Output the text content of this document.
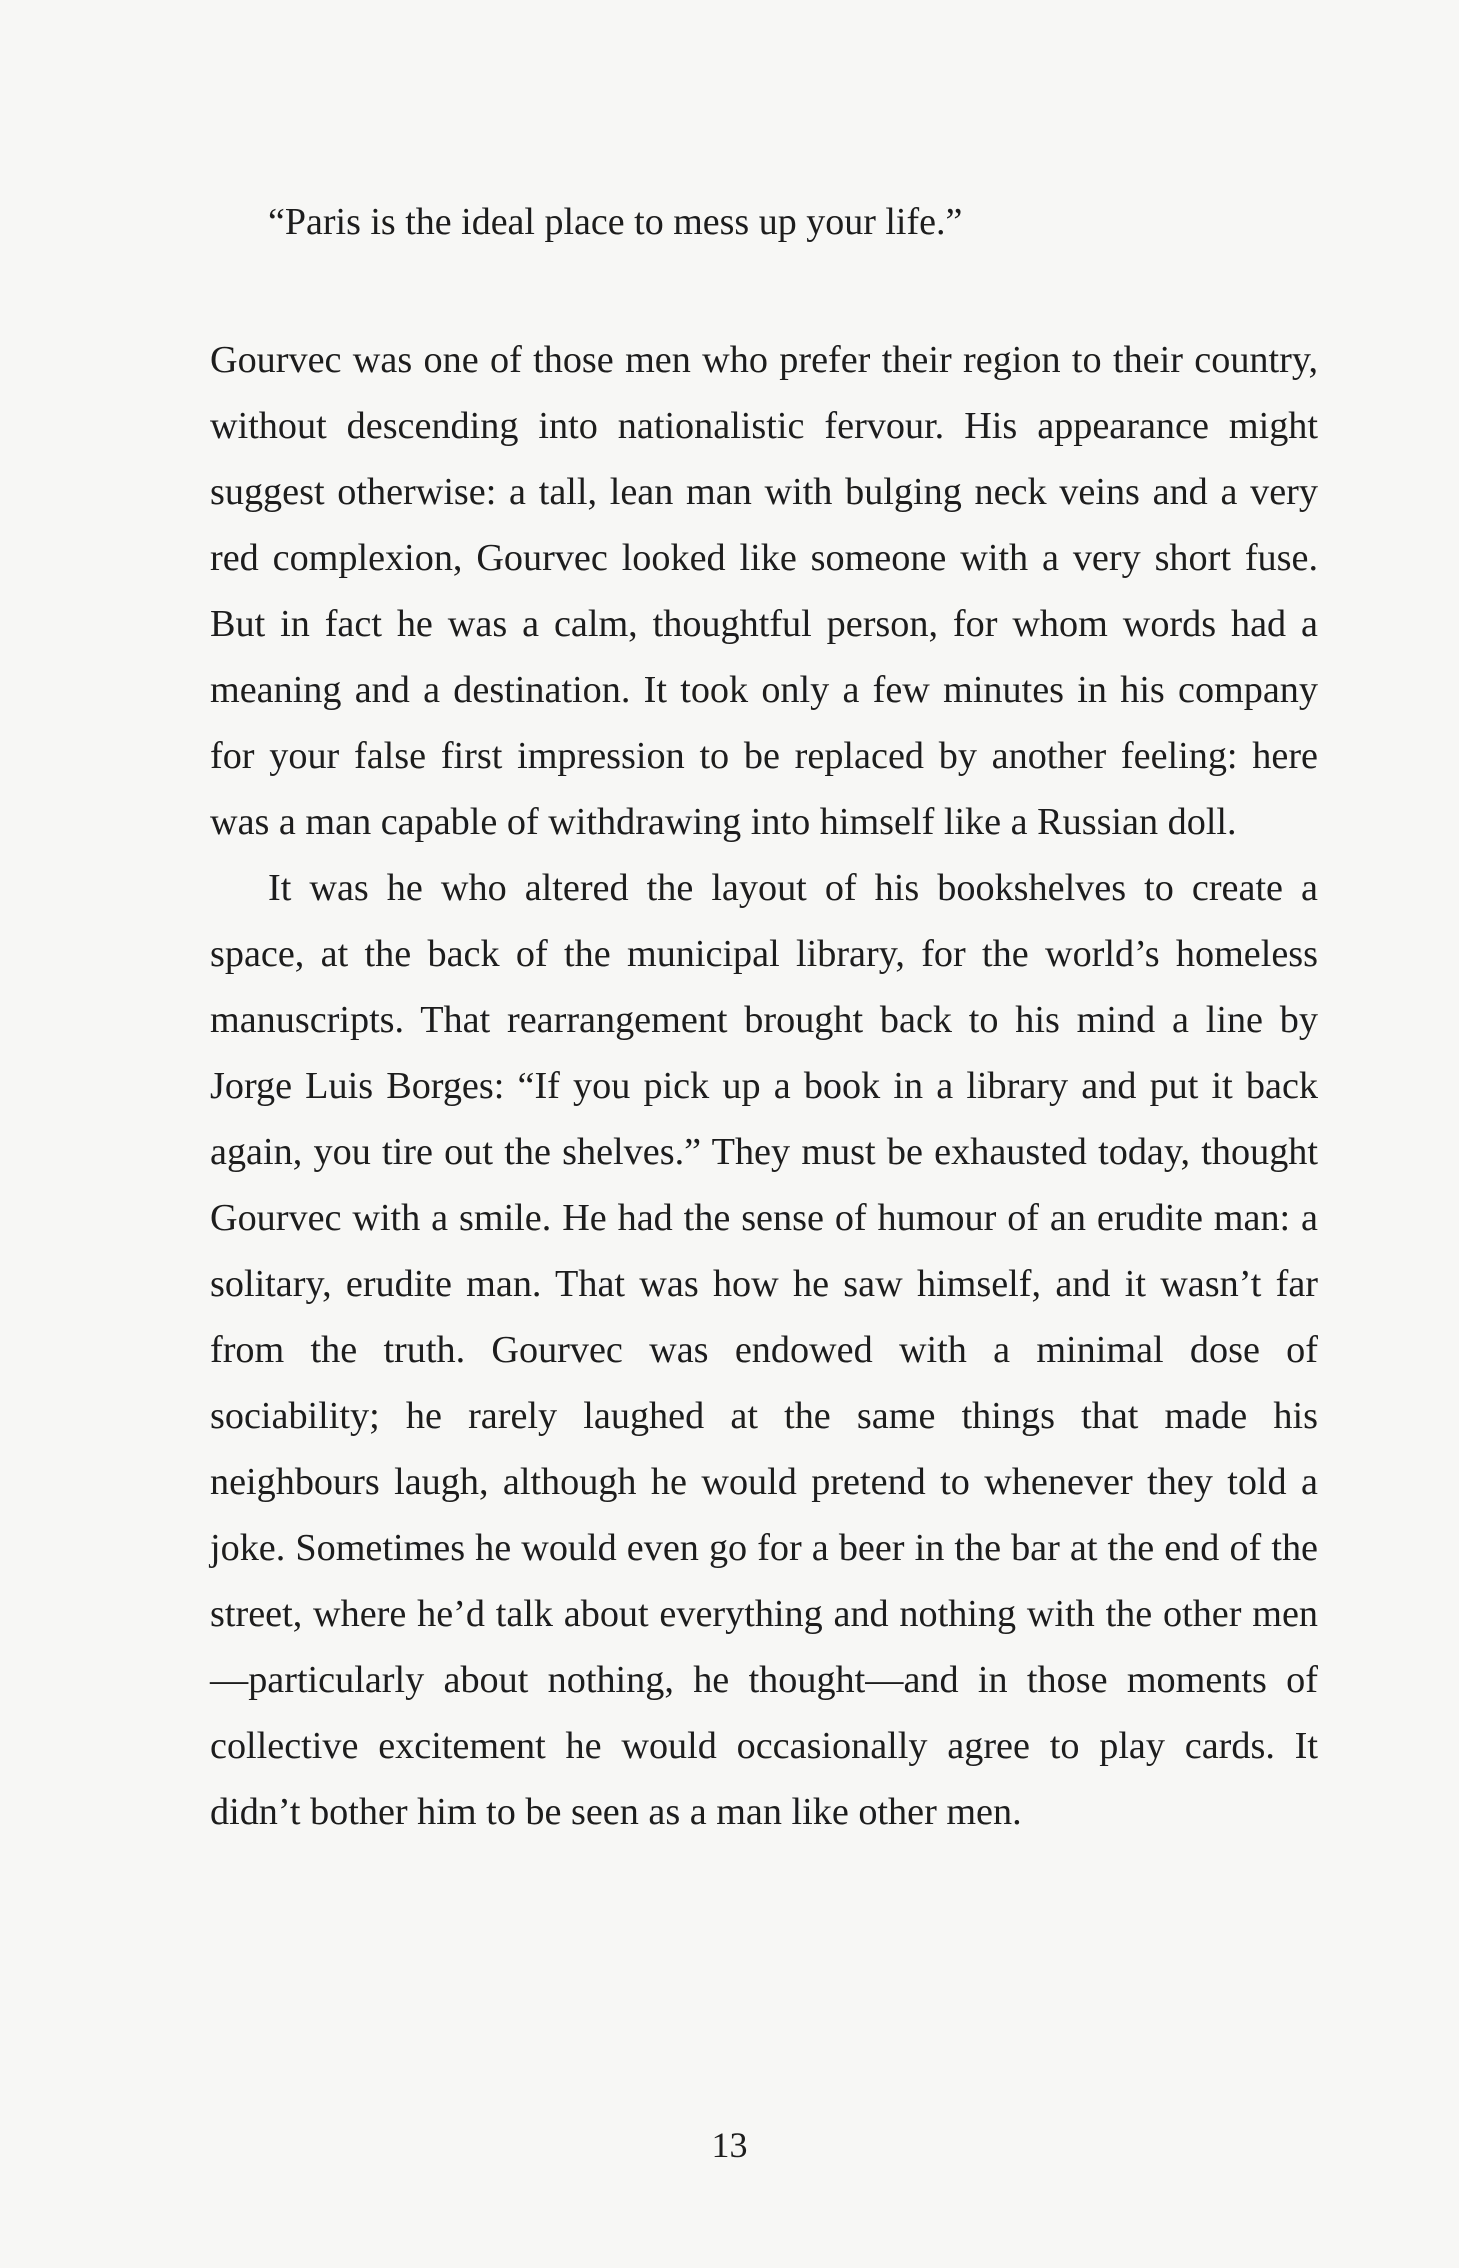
“Paris is the ideal place to mess up your life.”

Gourvec was one of those men who prefer their region to their country, without descending into nationalistic fervour. His appearance might suggest otherwise: a tall, lean man with bulging neck veins and a very red complexion, Gourvec looked like someone with a very short fuse. But in fact he was a calm, thoughtful person, for whom words had a meaning and a destination. It took only a few minutes in his company for your false first impression to be replaced by another feeling: here was a man capable of withdrawing into himself like a Russian doll.

It was he who altered the layout of his bookshelves to create a space, at the back of the municipal library, for the world’s homeless manuscripts. That rearrangement brought back to his mind a line by Jorge Luis Borges: “If you pick up a book in a library and put it back again, you tire out the shelves.” They must be exhausted today, thought Gourvec with a smile. He had the sense of humour of an erudite man: a solitary, erudite man. That was how he saw himself, and it wasn’t far from the truth. Gourvec was endowed with a minimal dose of sociability; he rarely laughed at the same things that made his neighbours laugh, although he would pretend to whenever they told a joke. Sometimes he would even go for a beer in the bar at the end of the street, where he’d talk about everything and nothing with the other men—particularly about nothing, he thought—and in those moments of collective excitement he would occasionally agree to play cards. It didn’t bother him to be seen as a man like other men.

13
